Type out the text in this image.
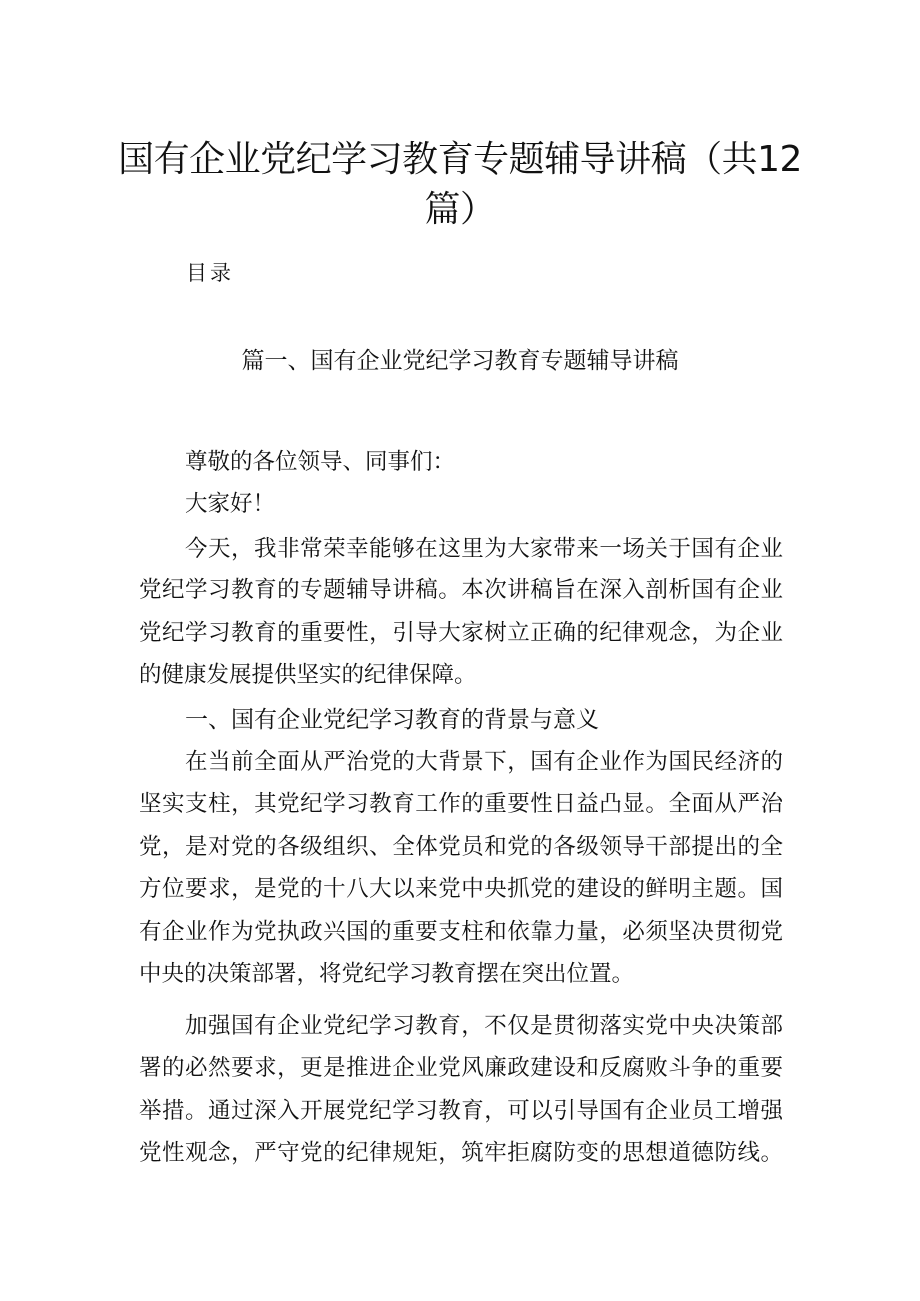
国有企业党纪学习教育专题辅导讲稿（共12
篇）
目录
篇一、国有企业党纪学习教育专题辅导讲稿
尊敬的各位领导、同事们：
大家好！
今天，我非常荣幸能够在这里为大家带来一场关于国有企业
党纪学习教育的专题辅导讲稿。本次讲稿旨在深入剖析国有企业
党纪学习教育的重要性，引导大家树立正确的纪律观念，为企业
的健康发展提供坚实的纪律保障。
一、国有企业党纪学习教育的背景与意义
在当前全面从严治党的大背景下，国有企业作为国民经济的
坚实支柱，其党纪学习教育工作的重要性日益凸显。全面从严治
党，是对党的各级组织、全体党员和党的各级领导干部提出的全
方位要求，是党的十八大以来党中央抓党的建设的鲜明主题。国
有企业作为党执政兴国的重要支柱和依靠力量，必须坚决贯彻党
中央的决策部署，将党纪学习教育摆在突出位置。
加强国有企业党纪学习教育，不仅是贯彻落实党中央决策部
署的必然要求，更是推进企业党风廉政建设和反腐败斗争的重要
举措。通过深入开展党纪学习教育，可以引导国有企业员工增强
党性观念，严守党的纪律规矩，筑牢拒腐防变的思想道德防线。
